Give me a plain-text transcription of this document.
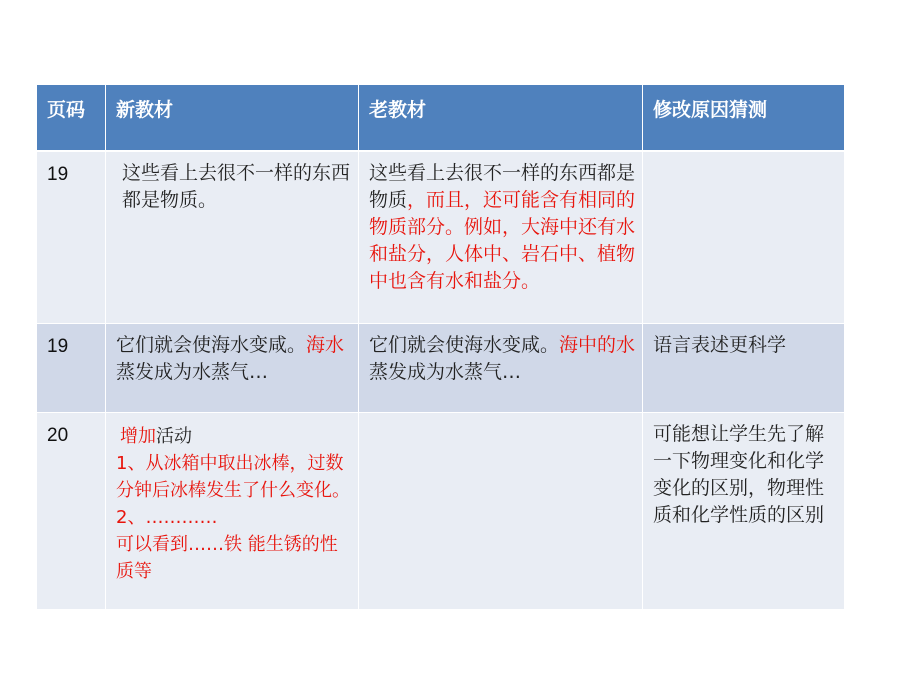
页码	新教材	老教材	修改原因猜测

19	这些看上去很不一样的东西都是物质。	这些看上去很不一样的东西都是物质，而且，还可能含有相同的物质部分。例如，大海中还有水和盐分，人体中、岩石中、植物中也含有水和盐分。	

19	它们就会使海水变咸。海水蒸发成为水蒸气…	它们就会使海水变咸。海中的水蒸发成为水蒸气…	语言表述更科学

20	增加活动
1、从冰箱中取出冰棒，过数分钟后冰棒发生了什么变化。
2、…………
可以看到……铁 能生锈的性质等		可能想让学生先了解一下物理变化和化学变化的区别，物理性质和化学性质的区别
